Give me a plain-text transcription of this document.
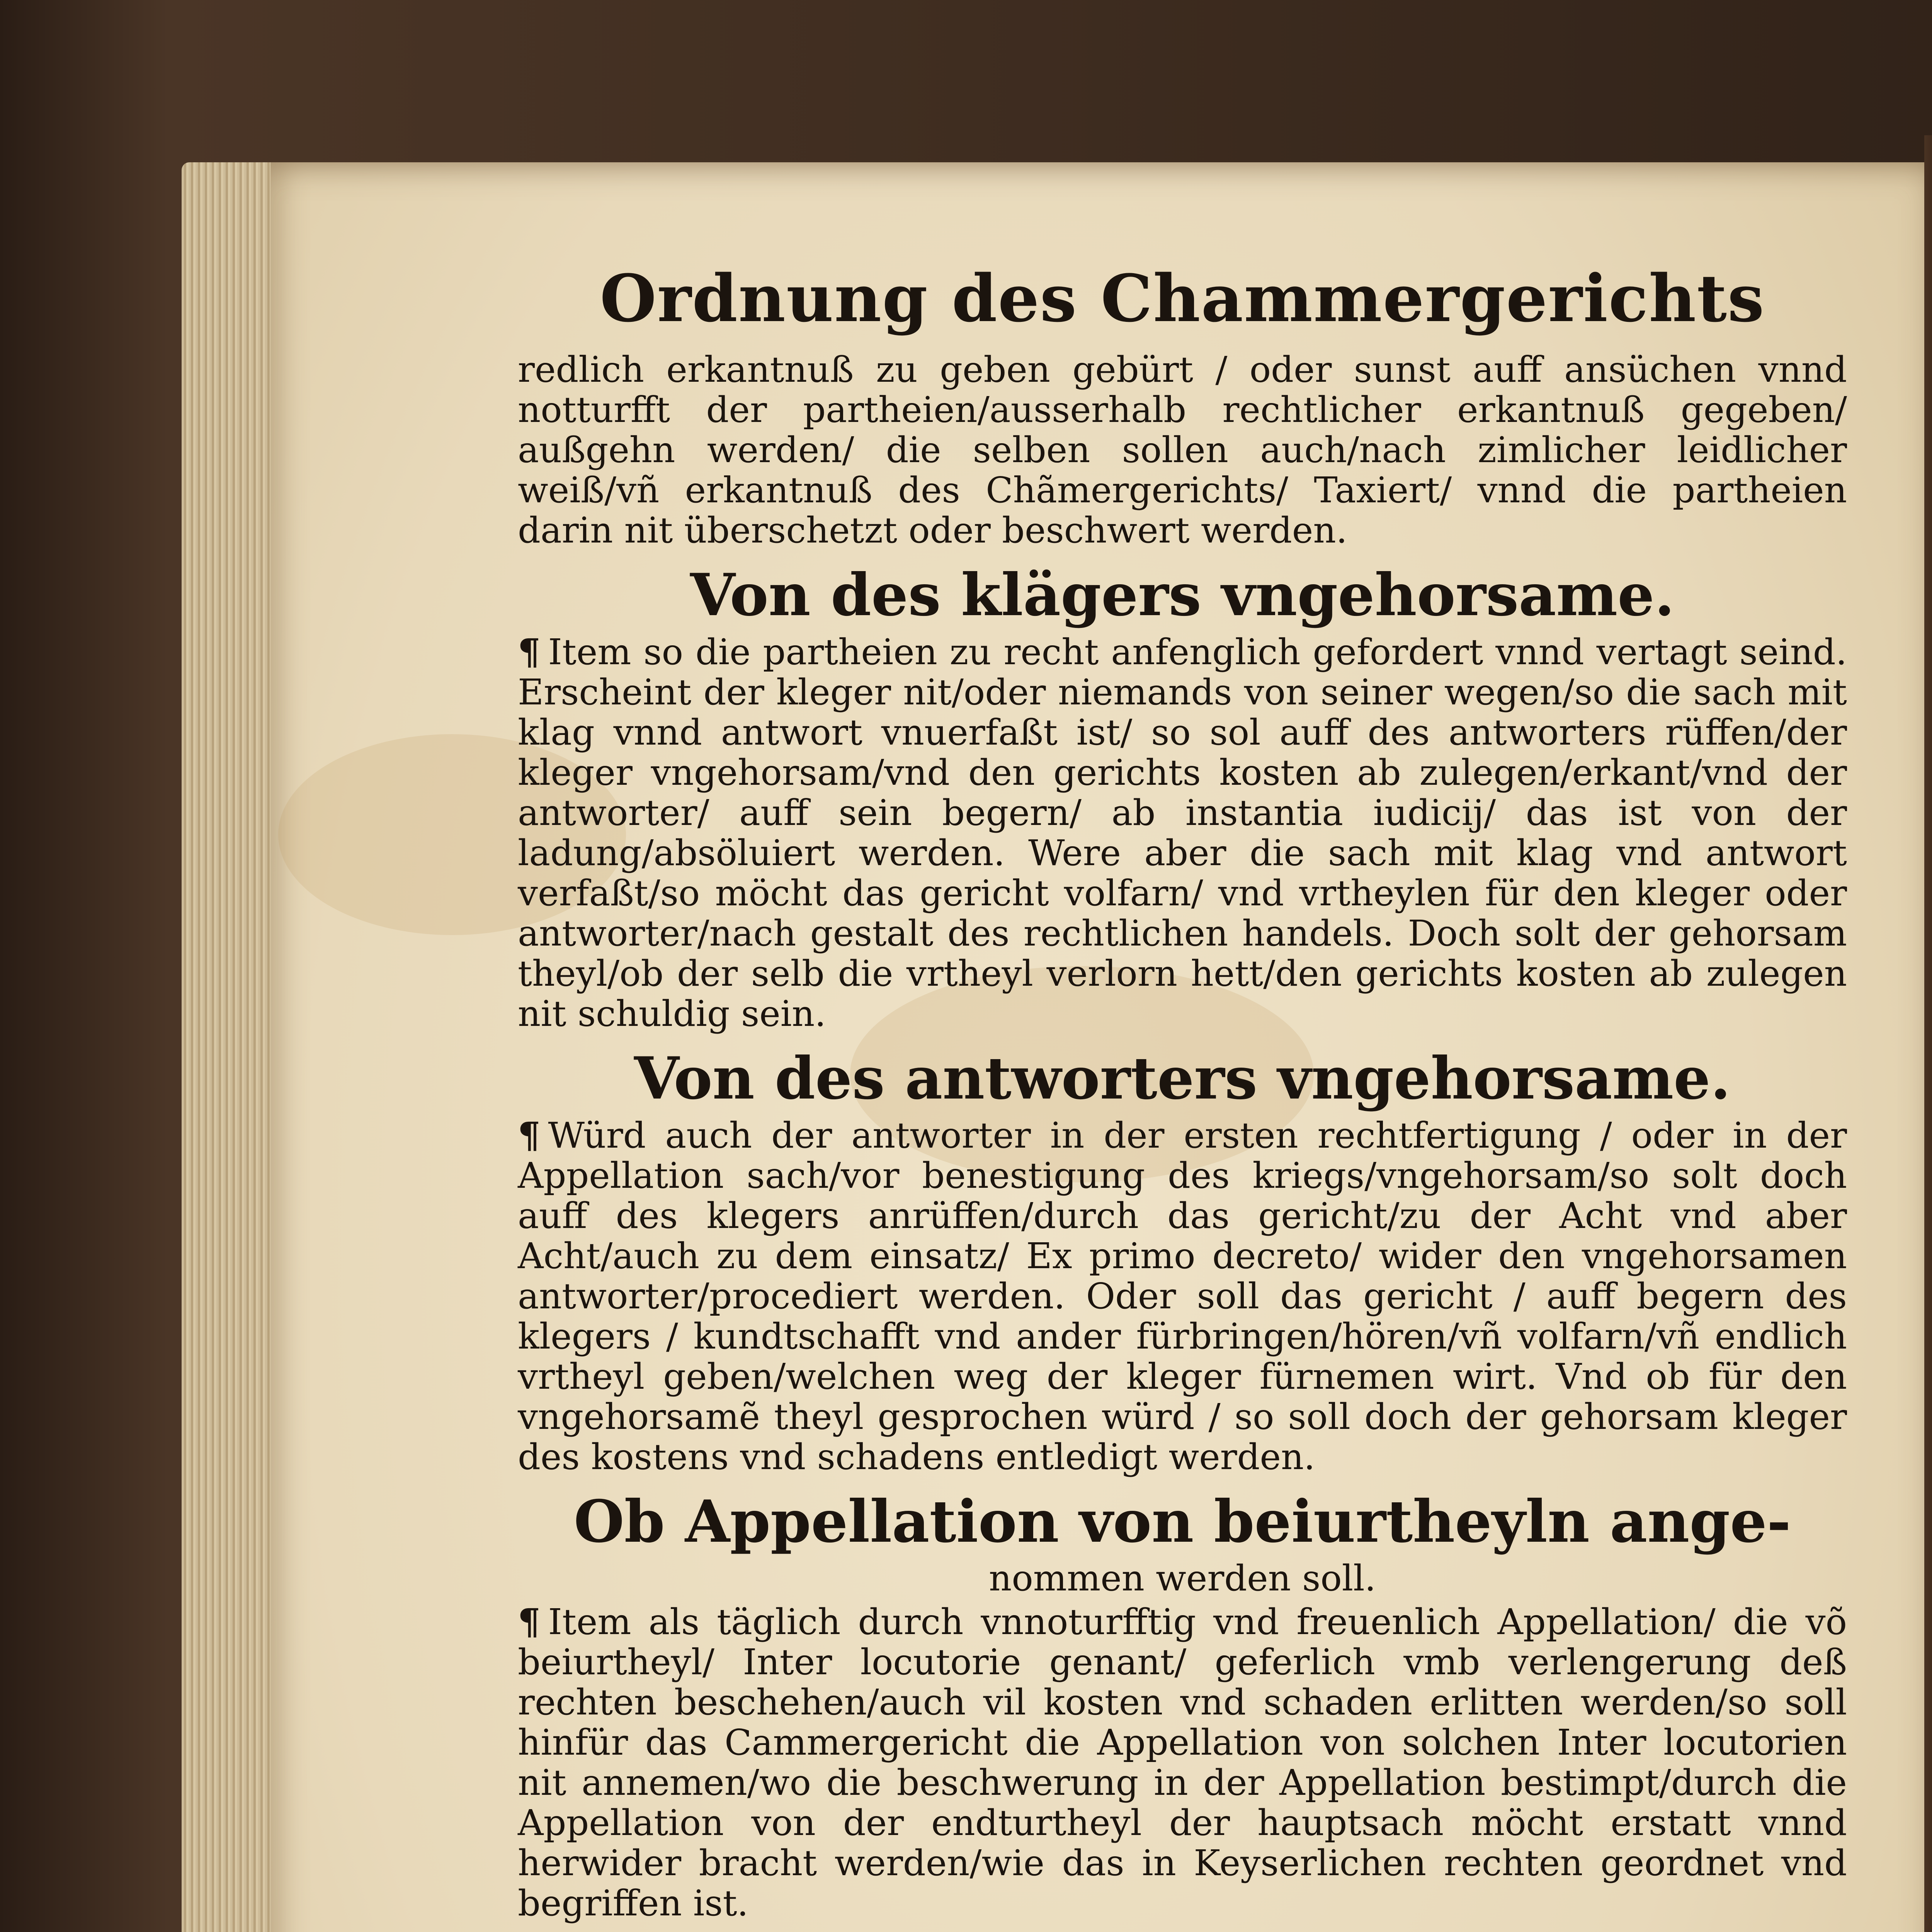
Ordnung des Chammergerichts

redlich erkantnuß zu geben gebürt / oder sunst auff ansüchen vnnd notturfft der partheien/ausserhalb rechtlicher erkantnuß gegeben/ außgehn werden/ die selben sollen auch/nach zimlicher leidlicher weiß/vñ erkantnuß des Chãmergerichts/ Taxiert/ vnnd die partheien darin nit überschetzt oder beschwert werden.

Von des klägers vngehorsame.

¶ Item so die partheien zu recht anfenglich gefordert vnnd vertagt seind. Erscheint der kleger nit/oder niemands von seiner wegen/so die sach mit klag vnnd antwort vnuerfaßt ist/ so sol auff des antworters rüffen/der kleger vngehorsam/vnd den gerichts kosten ab zulegen/erkant/vnd der antworter/ auff sein begern/ ab instantia iudicij/ das ist von der ladung/absöluiert werden. Were aber die sach mit klag vnd antwort verfaßt/so möcht das gericht volfarn/ vnd vrtheylen für den kleger oder antworter/nach gestalt des rechtlichen handels. Doch solt der gehorsam theyl/ob der selb die vrtheyl verlorn hett/den gerichts kosten ab zulegen nit schuldig sein.

Von des antworters vngehorsame.

¶ Würd auch der antworter in der ersten rechtfertigung / oder in der Appellation sach/vor benestigung des kriegs/vngehorsam/so solt doch auff des klegers anrüffen/durch das gericht/zu der Acht vnd aber Acht/auch zu dem einsatz/ Ex primo decreto/ wider den vngehorsamen antworter/procediert werden. Oder soll das gericht / auff begern des klegers / kundtschafft vnd ander fürbringen/hören/vñ volfarn/vñ endlich vrtheyl geben/welchen weg der kleger fürnemen wirt. Vnd ob für den vngehorsamẽ theyl gesprochen würd / so soll doch der gehorsam kleger des kostens vnd schadens entledigt werden.

Ob Appellation von beiurtheyln ange-
nommen werden soll.

¶ Item als täglich durch vnnoturfftig vnd freuenlich Appellation/ die võ beiurtheyl/ Inter locutorie genant/ geferlich vmb verlengerung deß rechten beschehen/auch vil kosten vnd schaden erlitten werden/so soll hinfür das Cammergericht die Appellation von solchen Inter locutorien nit annemen/wo die beschwerung in der Appellation bestimpt/durch die Appellation von der endturtheyl der hauptsach möcht erstatt vnnd herwider bracht werden/wie das in Keyserlichen rechten geordnet vnd begriffen ist.
